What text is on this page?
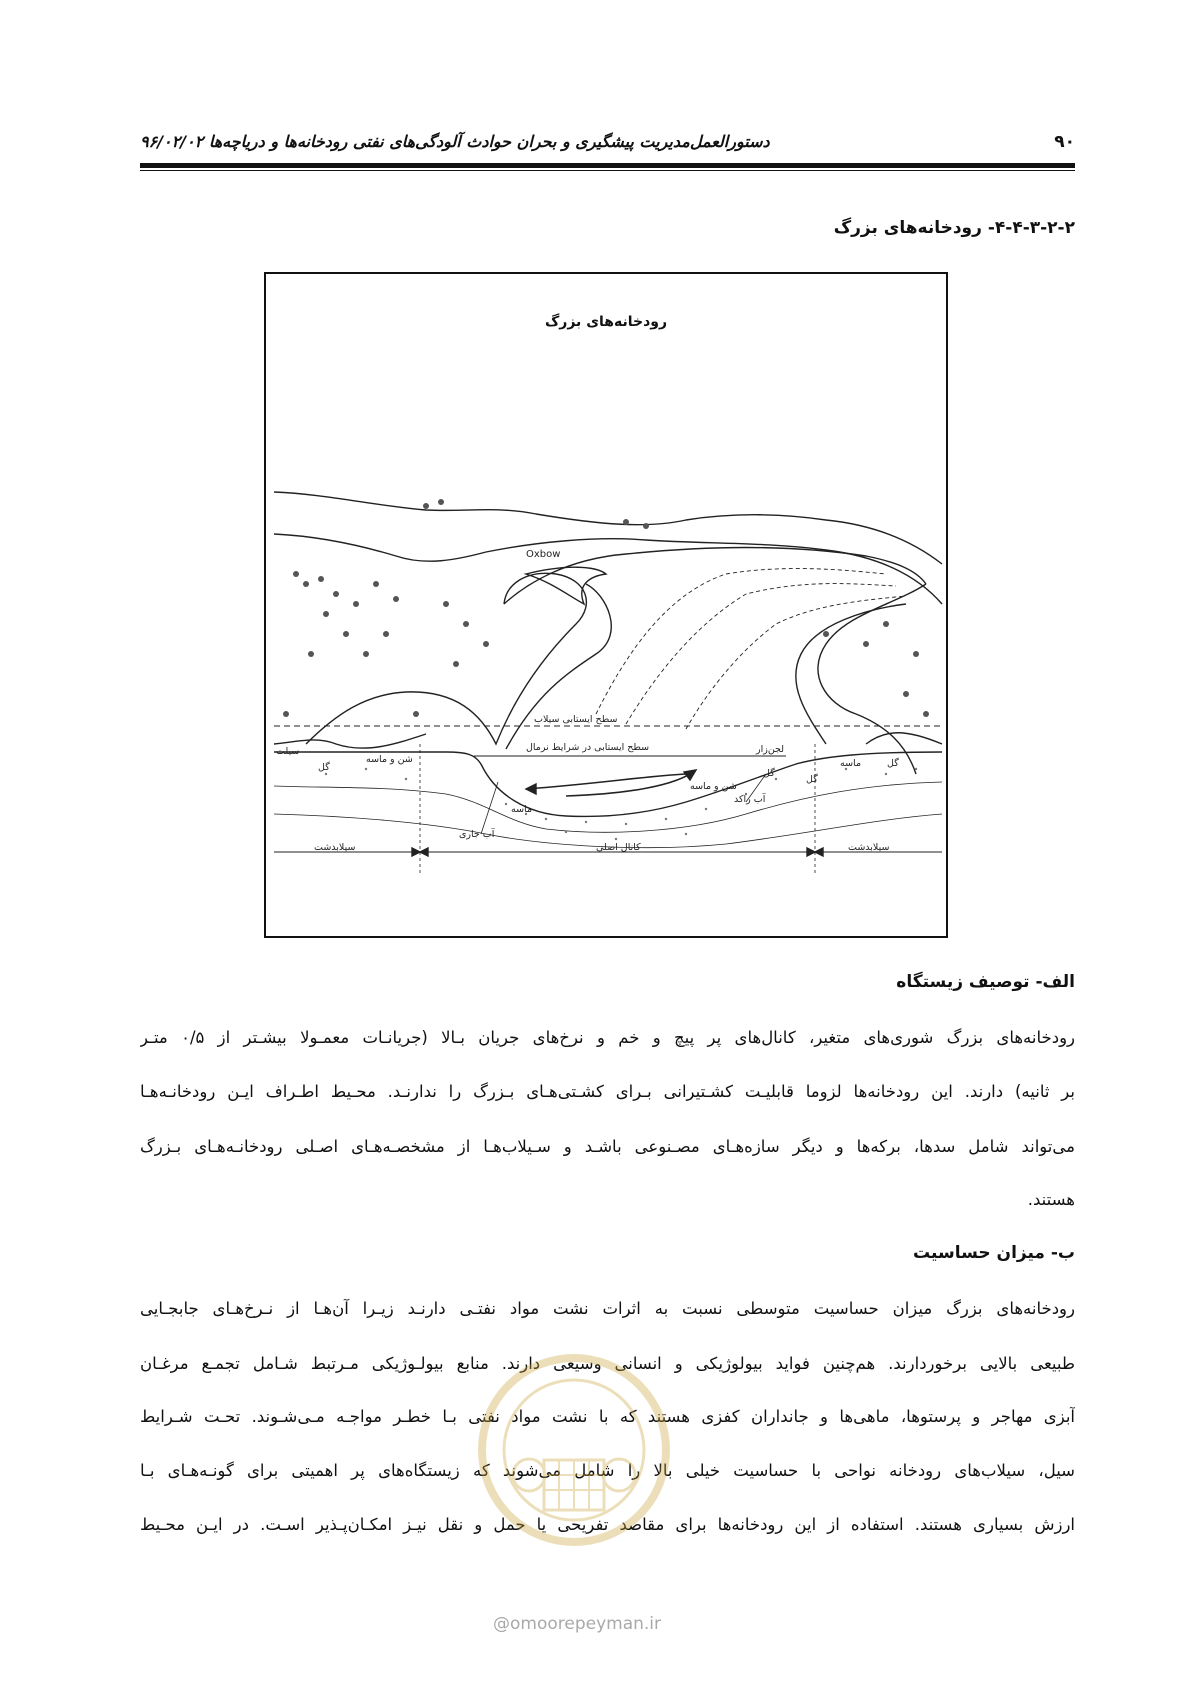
۹۰
دستورالعمل‌مدیریت پیشگیری و بحران حوادث آلودگی‌های نفتی رودخانه‌ها و دریاچه‌ها ۹۶/۰۲/۰۲
۴-۴-۳-۲-۲- رودخانه‌های بزرگ
رودخانه‌های بزرگ
Oxbow
سطح ایستابی سیلاب
سطح ایستابی در شرایط نرمال	لجن‌زار
سیلت
گل
شن و ماسه
شن و ماسه
گل
ماسه	گل
گل
ماسه
آب راکد
آب جاری
سیلابدشت	کانال اصلی	سیلابدشت
الف- توصیف زیستگاه
رودخانه‌های بزرگ شوری‌های متغیر، کانال‌های پر پیچ و خم و نرخ‌های جریان بـالا (جریانـات معمـولا بیشـتر از ۰/۵ متـر
بر ثانیه) دارند. این رودخانه‌ها لزوما قابلیـت کشـتیرانی بـرای کشـتی‌هـای بـزرگ را ندارنـد. محـیط اطـراف ایـن رودخانـه‌هـا
می‌تواند شامل سدها، برکه‌ها و دیگر سازه‌هـای مصـنوعی باشـد و سـیلاب‌هـا از مشخصـه‌هـای اصـلی رودخانـه‌هـای بـزرگ
هستند.
ب- میزان حساسیت
رودخانه‌های بزرگ میزان حساسیت متوسطی نسبت به اثرات نشت مواد نفتـی دارنـد زیـرا آن‌هـا از نـرخ‌هـای جابجـایی
طبیعی بالایی برخوردارند. هم‌چنین فواید بیولوژیکی و انسانی وسیعی دارند. منابع بیولـوژیکی مـرتبط شـامل تجمـع مرغـان
آبزی مهاجر و پرستوها، ماهی‌ها و جانداران کفزی هستند که با نشت مواد نفتی بـا خطـر مواجـه مـی‌شـوند. تحـت شـرایط
سیل، سیلاب‌های رودخانه نواحی با حساسیت خیلی بالا را شامل می‌شوند که زیستگاه‌های پر اهمیتی برای گونـه‌هـای بـا
ارزش بسیاری هستند. استفاده از این رودخانه‌ها برای مقاصد تفریحی یا حمل و نقل نیـز امکـان‌پـذیر اسـت. در ایـن محـیط
@omoorepeyman.ir
